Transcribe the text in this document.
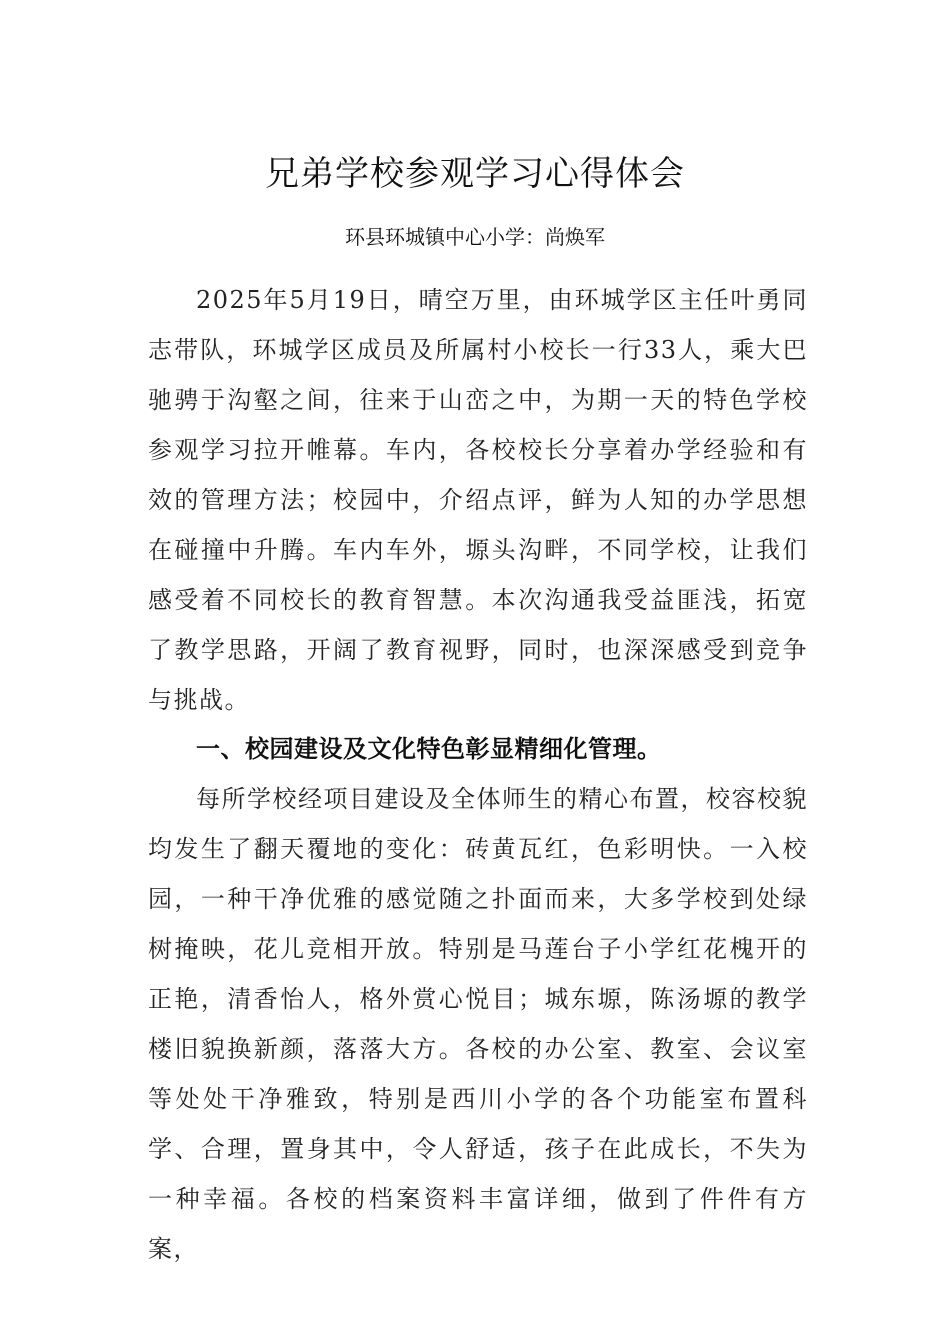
兄弟学校参观学习心得体会

环县环城镇中心小学：尚焕军

2025年5月19日，晴空万里，由环城学区主任叶勇同志带队，环城学区成员及所属村小校长一行33人，乘大巴驰骋于沟壑之间，往来于山峦之中，为期一天的特色学校参观学习拉开帷幕。车内，各校校长分享着办学经验和有效的管理方法；校园中，介绍点评，鲜为人知的办学思想在碰撞中升腾。车内车外，塬头沟畔，不同学校，让我们感受着不同校长的教育智慧。本次沟通我受益匪浅，拓宽了教学思路，开阔了教育视野，同时，也深深感受到竞争与挑战。

一、校园建设及文化特色彰显精细化管理。

每所学校经项目建设及全体师生的精心布置，校容校貌均发生了翻天覆地的变化：砖黄瓦红，色彩明快。一入校园，一种干净优雅的感觉随之扑面而来，大多学校到处绿树掩映，花儿竞相开放。特别是马莲台子小学红花槐开的正艳，清香怡人，格外赏心悦目；城东塬，陈汤塬的教学楼旧貌换新颜，落落大方。各校的办公室、教室、会议室等处处干净雅致，特别是西川小学的各个功能室布置科学、合理，置身其中，令人舒适，孩子在此成长，不失为一种幸福。各校的档案资料丰富详细，做到了件件有方案，
